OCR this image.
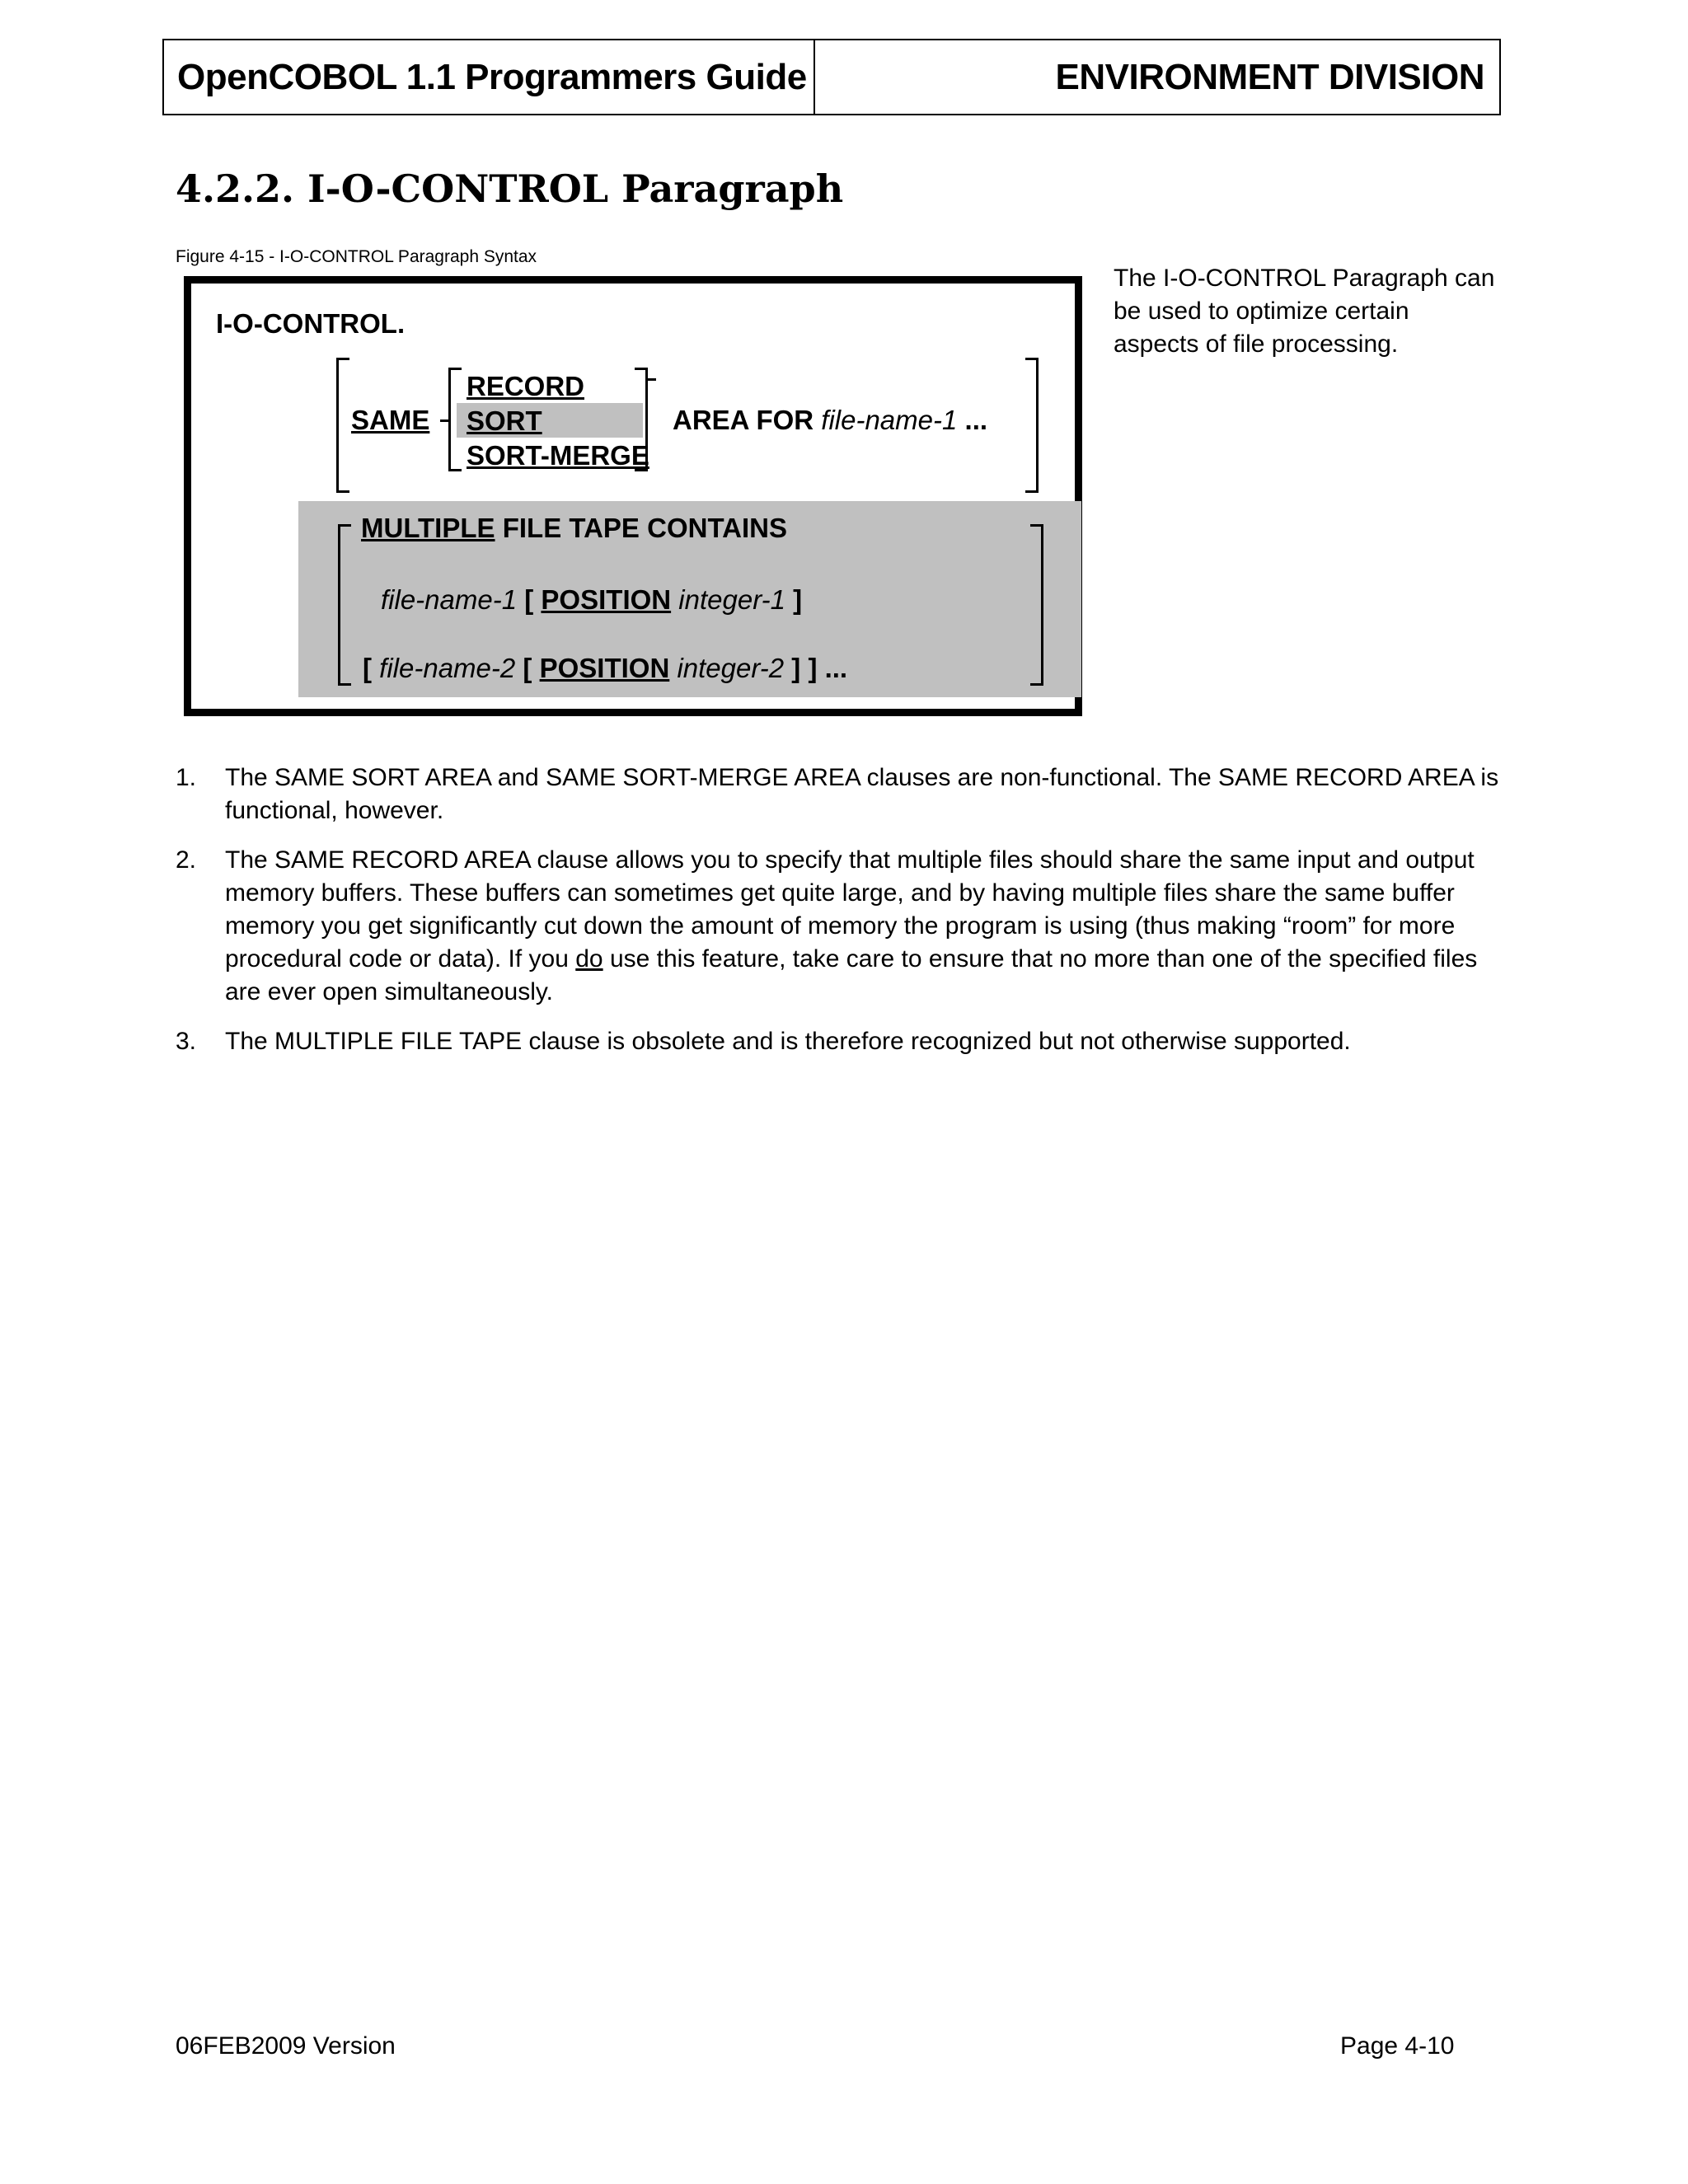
OpenCOBOL 1.1 Programmers Guide	ENVIRONMENT DIVISION
4.2.2. I-O-CONTROL Paragraph
Figure 4-15 - I-O-CONTROL Paragraph Syntax
I-O-CONTROL.
SAME
RECORD
SORT
SORT-MERGE
AREA FOR file-name-1 ...
MULTIPLE FILE TAPE CONTAINS
file-name-1 [ POSITION integer-1 ]
[ file-name-2 [ POSITION integer-2 ] ] ...
The I-O-CONTROL Paragraph can be used to optimize certain aspects of file processing.
1. The SAME SORT AREA and SAME SORT-MERGE AREA clauses are non-functional. The SAME RECORD AREA is functional, however.
2. The SAME RECORD AREA clause allows you to specify that multiple files should share the same input and output memory buffers. These buffers can sometimes get quite large, and by having multiple files share the same buffer memory you get significantly cut down the amount of memory the program is using (thus making “room” for more procedural code or data). If you do use this feature, take care to ensure that no more than one of the specified files are ever open simultaneously.
3. The MULTIPLE FILE TAPE clause is obsolete and is therefore recognized but not otherwise supported.
06FEB2009 Version	Page 4-10
